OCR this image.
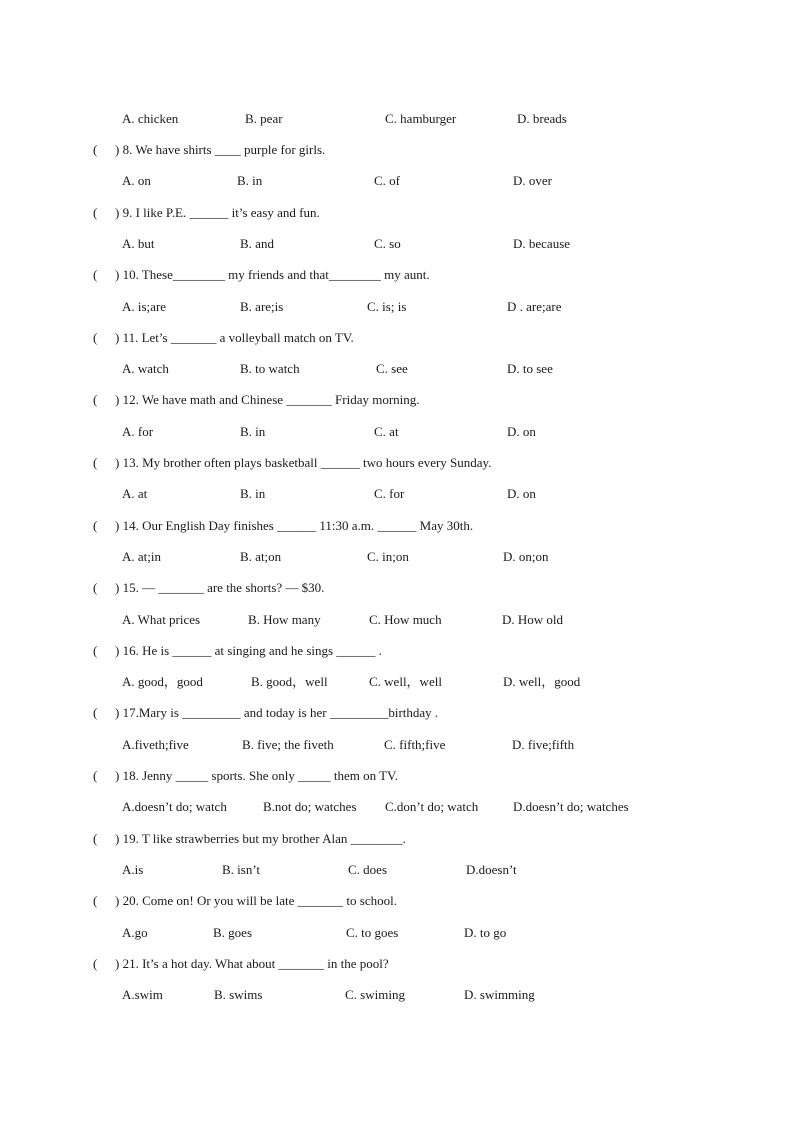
A. chicken	B. pear	C. hamburger	D. breads
( ) 8. We have shirts ____ purple for girls.
A. on	B. in	C. of	D. over
( ) 9. I like P.E. ______ it’s easy and fun.
A. but	B. and	C. so	D. because
( ) 10. These________ my friends and that________ my aunt.
A. is;are	B. are;is	C. is; is	D . are;are
( ) 11. Let’s _______ a volleyball match on TV.
A. watch	B. to watch	C. see	D. to see
( ) 12. We have math and Chinese _______ Friday morning.
A. for	B. in	C. at	D. on
( ) 13. My brother often plays basketball ______ two hours every Sunday.
A. at	B. in	C. for	D. on
( ) 14. Our English Day finishes ______ 11:30 a.m. ______ May 30th.
A. at;in	B. at;on	C. in;on	D. on;on
( ) 15. — _______ are the shorts? — $30.
A. What prices	B. How many	C. How much	D. How old
( ) 16. He is ______ at singing and he sings ______ .
A. good，good	B. good，well	C. well，well	D. well，good
( ) 17.Mary is _________ and today is her _________birthday .
A.fiveth;five	B. five; the fiveth	C. fifth;five	D. five;fifth
( ) 18. Jenny _____ sports. She only _____ them on TV.
A.doesn’t do; watch	B.not do; watches C.don’t do; watch	D.doesn’t do; watches
( ) 19. T like strawberries but my brother Alan ________.
A.is	B. isn’t	C. does	D.doesn’t
( ) 20. Come on! Or you will be late _______ to school.
A.go	B. goes	C. to goes	D. to go
( ) 21. It’s a hot day. What about _______ in the pool?
A.swim	B. swims	C. swiming	D. swimming
